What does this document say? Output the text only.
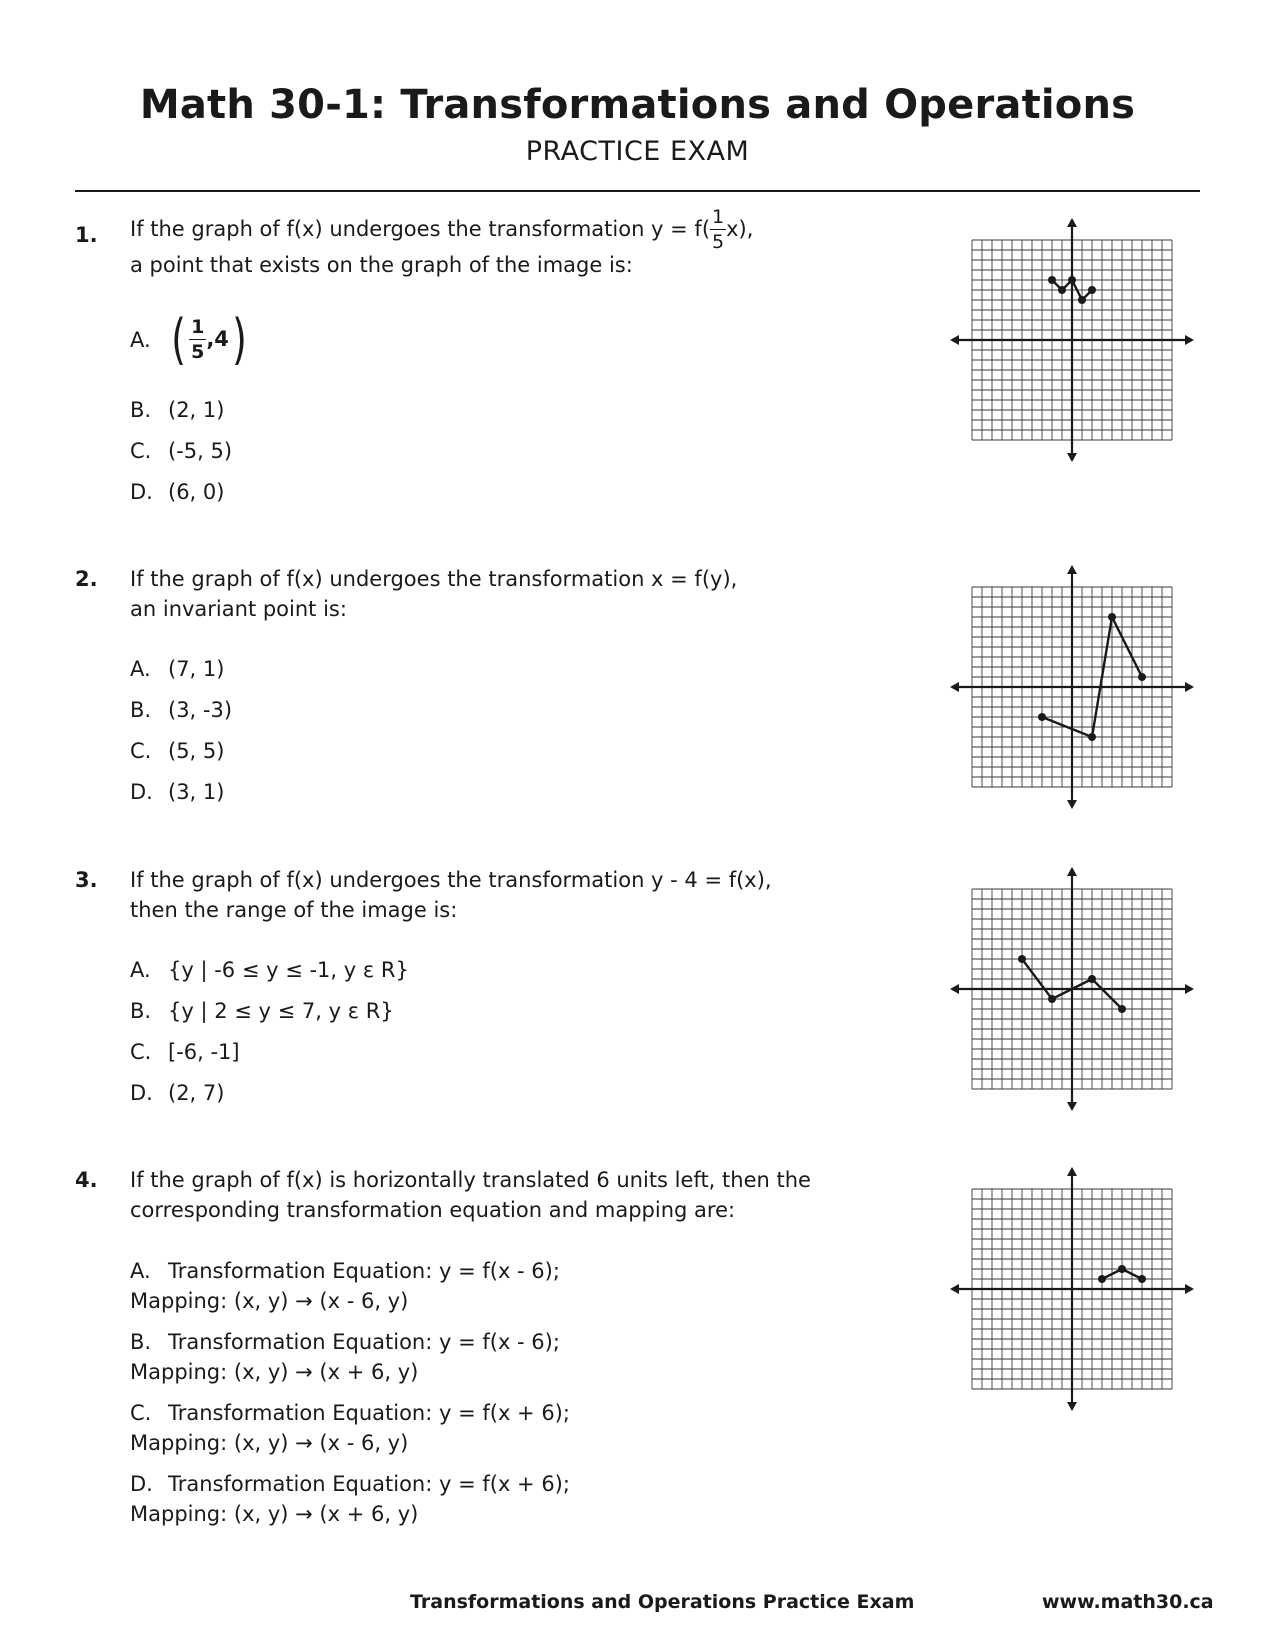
Math 30-1: Transformations and Operations
PRACTICE EXAM
1. If the graph of f(x) undergoes the transformation $y = f( \frac{1}{5} x)$,
a point that exists on the graph of the image is:
A. ( $\frac{1}{5} ,4$)
B. (2, 1)
C. (-5, 5)
D. (6, 0)
2. If the graph of f(x) undergoes the transformation x = f(y),
an invariant point is:
A. (7, 1)
B. (3, -3)
C. (5, 5)
D. (3, 1)
3. If the graph of f(x) undergoes the transformation y - 4 = f(x),
then the range of the image is:
A. {y | -6 ≤ y ≤ -1, y ε R}
B. {y | 2 ≤ y ≤ 7, y ε R}
C. [-6, -1]
D. (2, 7)
4. If the graph of f(x) is horizontally translated 6 units left, then the
corresponding transformation equation and mapping are:
A. Transformation Equation: y = f(x - 6);
Mapping: (x, y) → (x - 6, y)
B. Transformation Equation: y = f(x - 6);
Mapping: (x, y) → (x + 6, y)
C. Transformation Equation: y = f(x + 6);
Mapping: (x, y) → (x - 6, y)
D. Transformation Equation: y = f(x + 6);
Mapping: (x, y) → (x + 6, y)
Transformations and Operations Practice Exam	www.math30.ca
